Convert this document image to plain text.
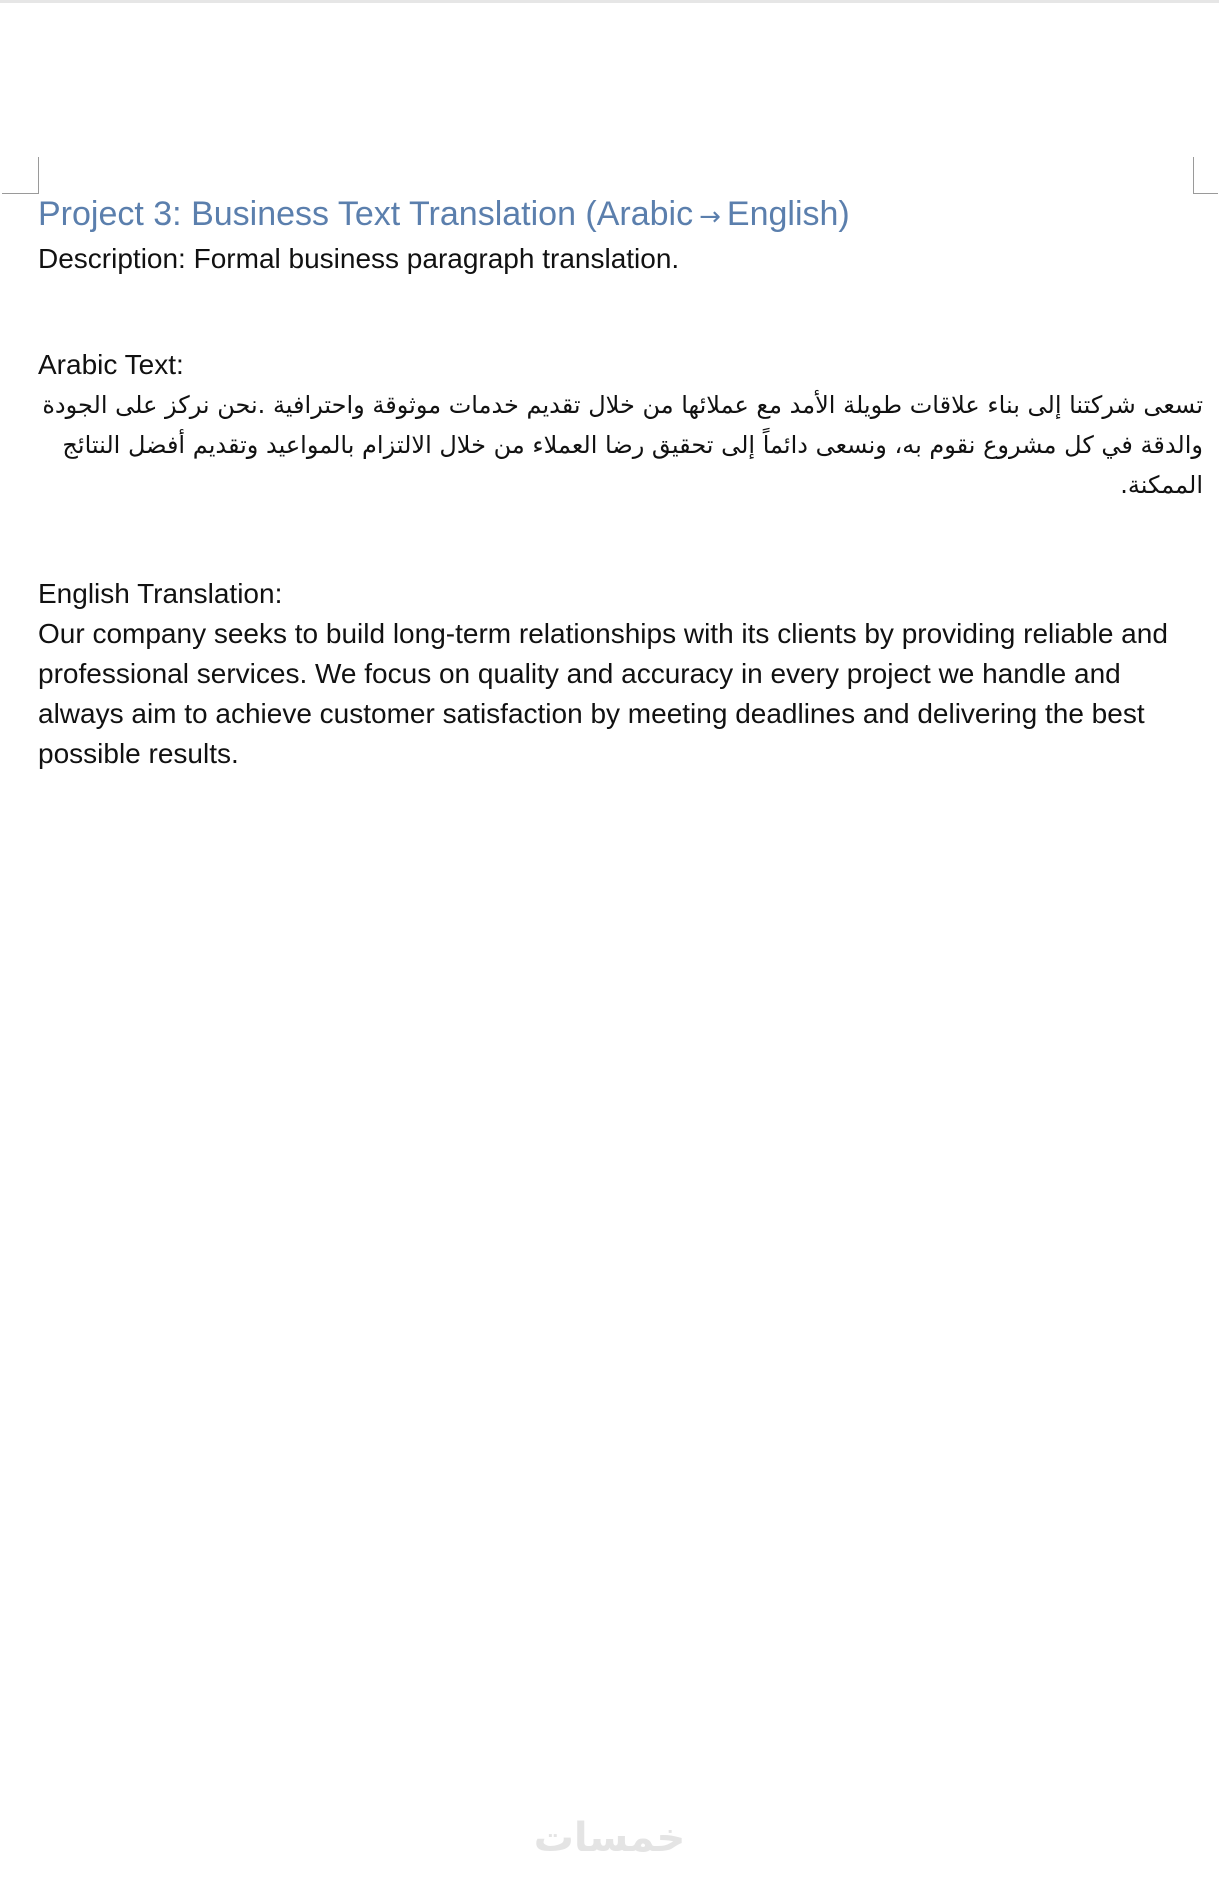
Project 3: Business Text Translation (Arabic → English)

Description: Formal business paragraph translation.

Arabic Text:

تسعى شركتنا إلى بناء علاقات طويلة الأمد مع عملائها من خلال تقديم خدمات موثوقة واحترافية .نحن نركز على الجودة والدقة في كل مشروع نقوم به، ونسعى دائماً إلى تحقيق رضا العملاء من خلال الالتزام بالمواعيد وتقديم أفضل النتائج الممكنة.

English Translation:

Our company seeks to build long-term relationships with its clients by providing reliable and professional services. We focus on quality and accuracy in every project we handle and always aim to achieve customer satisfaction by meeting deadlines and delivering the best possible results.

خمسات
